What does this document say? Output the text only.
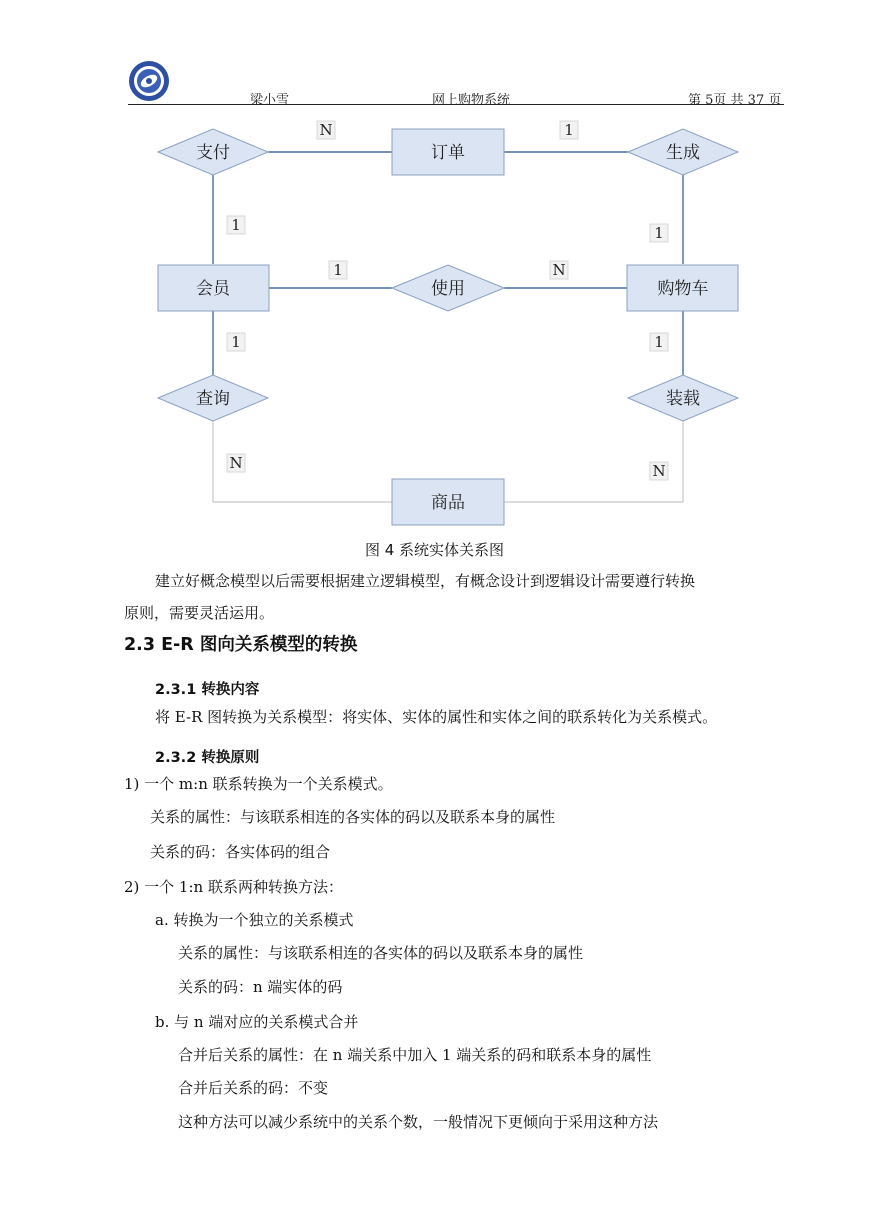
梁小雪	网上购物系统	第 5页 共 37 页
订单
会员	购物车
商品
支付	生成
使用
查询	装载
N	1
1	1
1	N
1	1
N	N
图 4 系统实体关系图
建立好概念模型以后需要根据建立逻辑模型，有概念设计到逻辑设计需要遵行转换
原则，需要灵活运用。
2.3 E-R 图向关系模型的转换
2.3.1 转换内容
将 E-R 图转换为关系模型：将实体、实体的属性和实体之间的联系转化为关系模式。
2.3.2 转换原则
1) 一个 m:n 联系转换为一个关系模式。
关系的属性：与该联系相连的各实体的码以及联系本身的属性
关系的码：各实体码的组合
2) 一个 1:n 联系两种转换方法：
a. 转换为一个独立的关系模式
关系的属性：与该联系相连的各实体的码以及联系本身的属性
关系的码：n 端实体的码
b. 与 n 端对应的关系模式合并
合并后关系的属性：在 n 端关系中加入 1 端关系的码和联系本身的属性
合并后关系的码：不变
这种方法可以减少系统中的关系个数，一般情况下更倾向于采用这种方法
